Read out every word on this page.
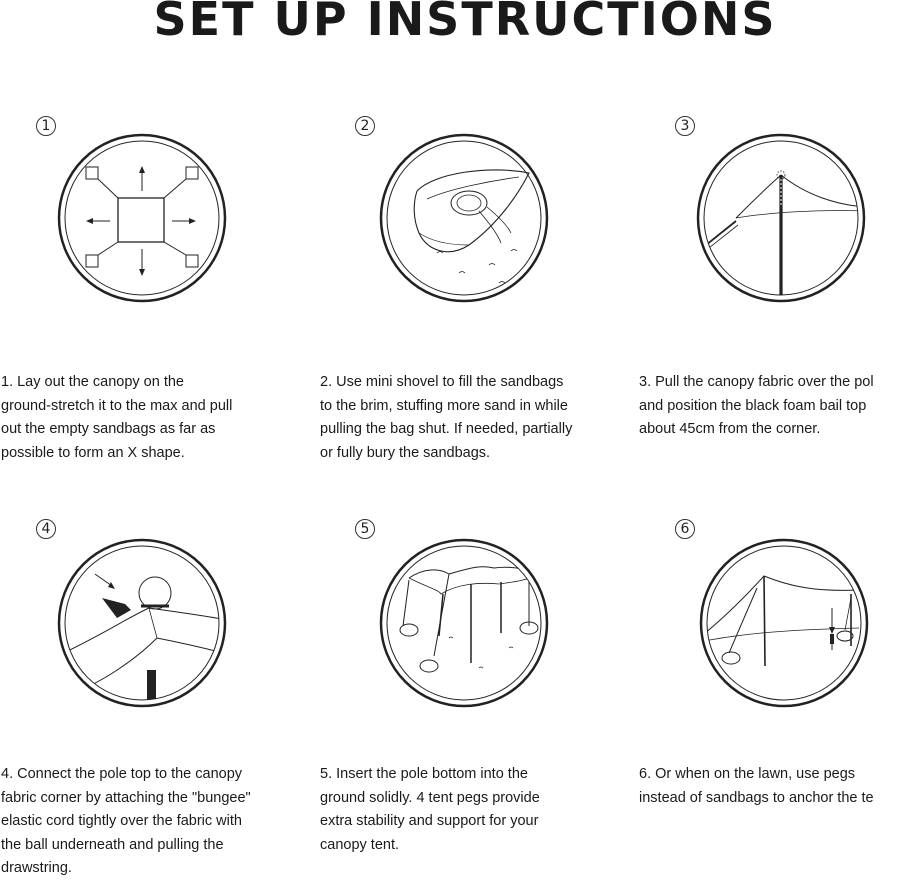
SET UP INSTRUCTIONS
1
1. Lay out the canopy on the
ground-stretch it to the max and pull
out the empty sandbags as far as
possible to form an X shape.
2
2. Use mini shovel to fill the sandbags
to the brim, stuffing more sand in while
pulling the bag shut. If needed, partially
or fully bury the sandbags.
3
3. Pull the canopy fabric over the pol
and position the black foam bail top
about 45cm from the corner.
4
4. Connect the pole top to the canopy
fabric corner by attaching the "bungee"
elastic cord tightly over the fabric with
the ball underneath and pulling the
drawstring.
5
5. Insert the pole bottom into the
ground solidly. 4 tent pegs provide
extra stability and support for your
canopy tent.
6
6. Or when on the lawn, use pegs
instead of sandbags to anchor the te
